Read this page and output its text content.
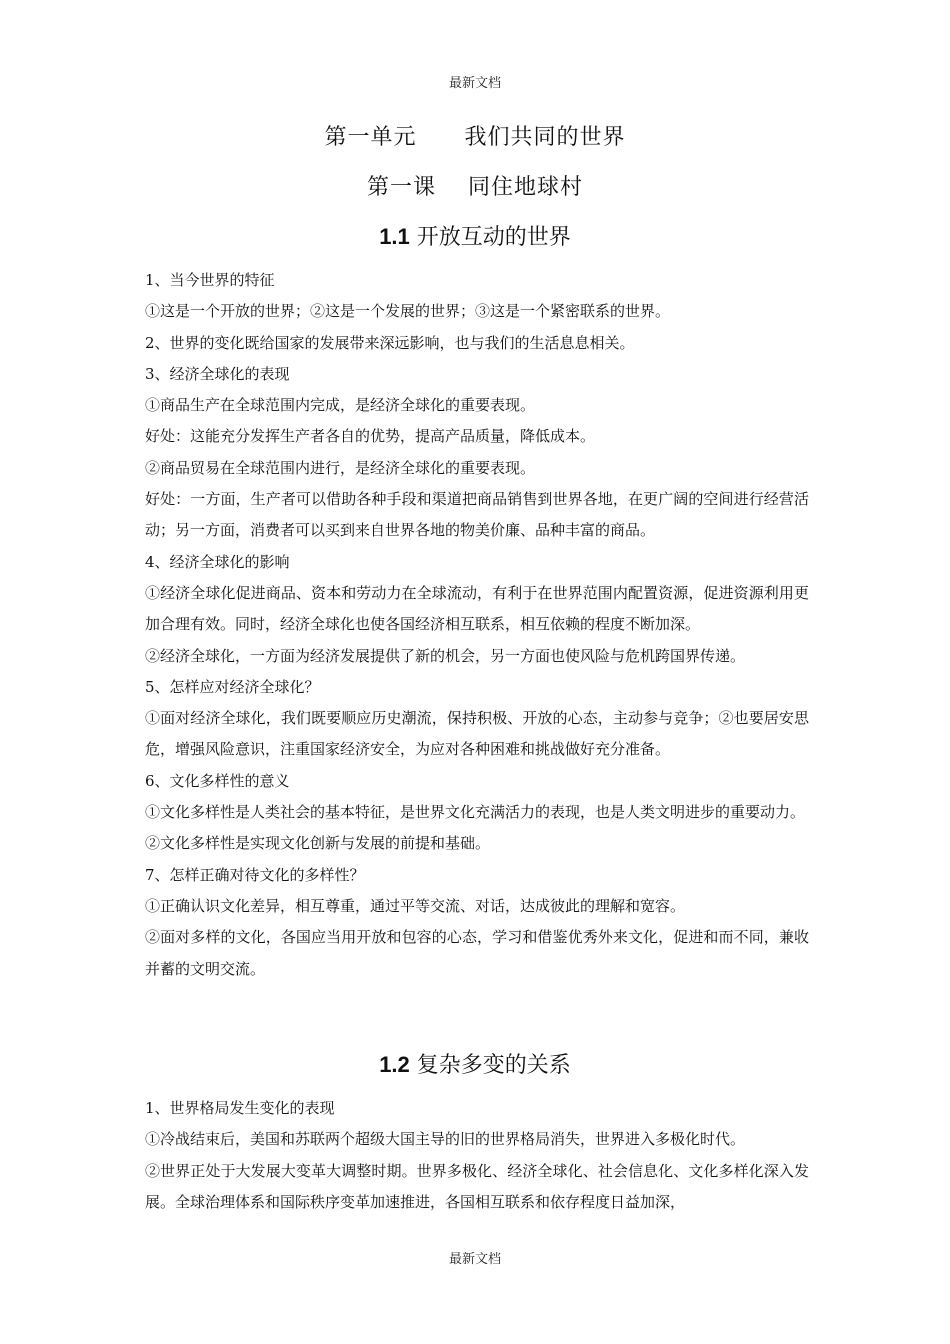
最新文档
第一单元 我们共同的世界
第一课 同住地球村
1.1 开放互动的世界

1、当今世界的特征

①这是一个开放的世界；②这是一个发展的世界；③这是一个紧密联系的世界。

2、世界的变化既给国家的发展带来深远影响，也与我们的生活息息相关。

3、经济全球化的表现

①商品生产在全球范围内完成，是经济全球化的重要表现。

好处：这能充分发挥生产者各自的优势，提高产品质量，降低成本。

②商品贸易在全球范围内进行，是经济全球化的重要表现。

好处：一方面，生产者可以借助各种手段和渠道把商品销售到世界各地，在更广阔的空间进行经营活动；另一方面，消费者可以买到来自世界各地的物美价廉、品种丰富的商品。

4、经济全球化的影响

①经济全球化促进商品、资本和劳动力在全球流动，有利于在世界范围内配置资源，促进资源利用更加合理有效。同时，经济全球化也使各国经济相互联系，相互依赖的程度不断加深。

②经济全球化，一方面为经济发展提供了新的机会，另一方面也使风险与危机跨国界传递。

5、怎样应对经济全球化？

①面对经济全球化，我们既要顺应历史潮流，保持积极、开放的心态，主动参与竞争；②也要居安思危，增强风险意识，注重国家经济安全，为应对各种困难和挑战做好充分准备。

6、文化多样性的意义

①文化多样性是人类社会的基本特征，是世界文化充满活力的表现，也是人类文明进步的重要动力。

②文化多样性是实现文化创新与发展的前提和基础。

7、怎样正确对待文化的多样性？

①正确认识文化差异，相互尊重，通过平等交流、对话，达成彼此的理解和宽容。

②面对多样的文化，各国应当用开放和包容的心态，学习和借鉴优秀外来文化，促进和而不同，兼收并蓄的文明交流。

1.2 复杂多变的关系

1、世界格局发生变化的表现

①冷战结束后，美国和苏联两个超级大国主导的旧的世界格局消失，世界进入多极化时代。

②世界正处于大发展大变革大调整时期。世界多极化、经济全球化、社会信息化、文化多样化深入发展。全球治理体系和国际秩序变革加速推进，各国相互联系和依存程度日益加深，

最新文档
